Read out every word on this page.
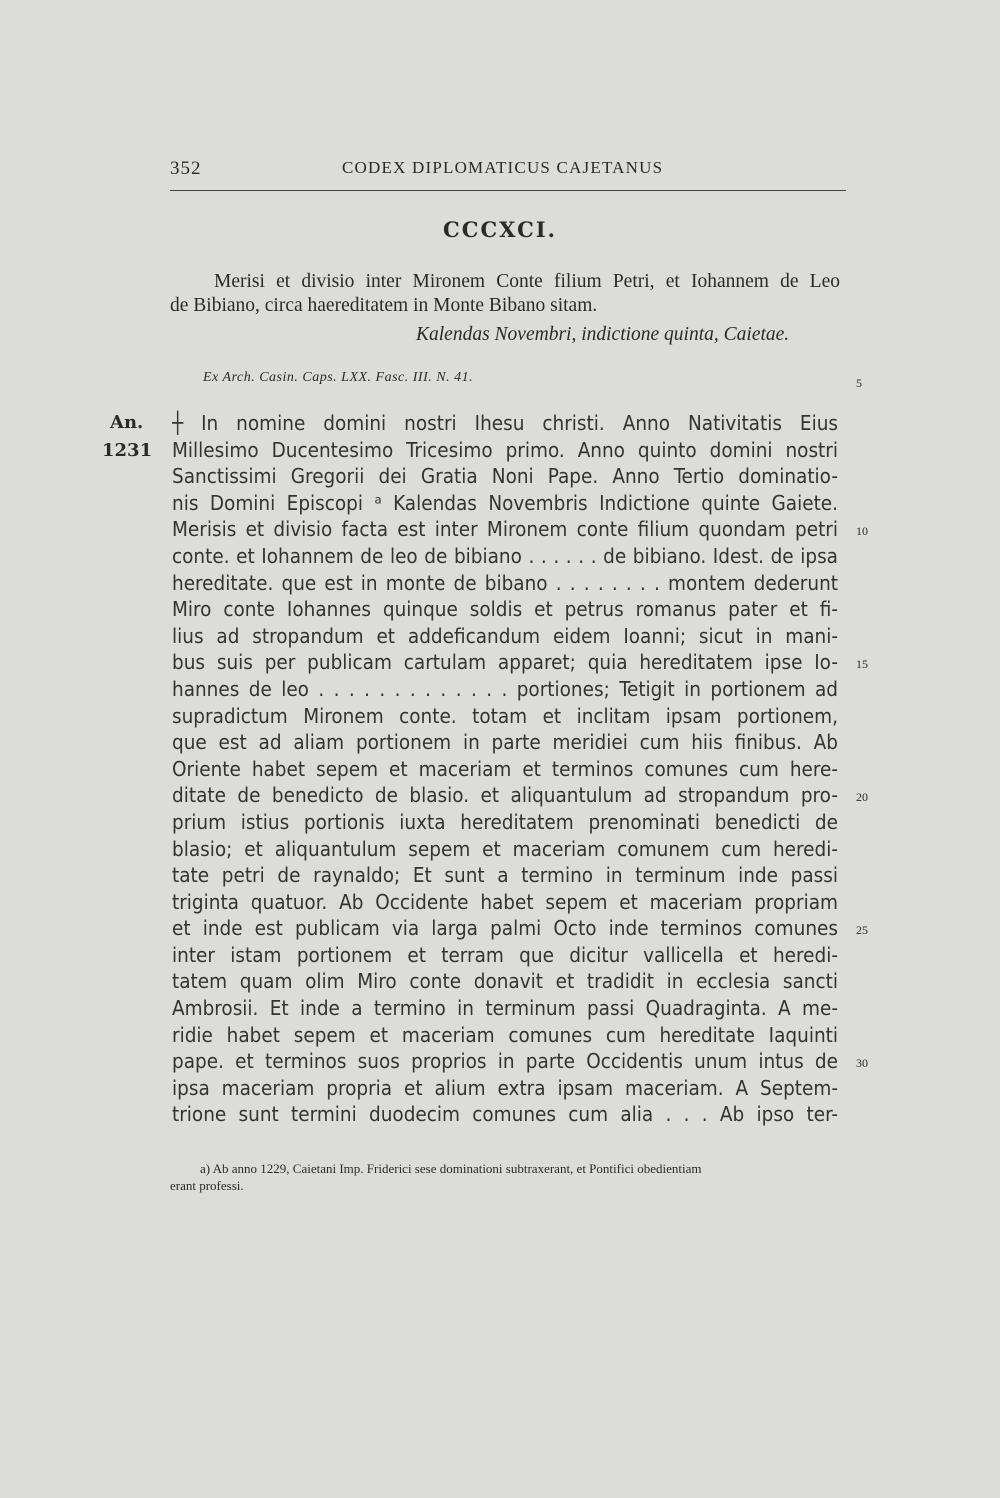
352	CODEX DIPLOMATICUS CAJETANUS
CCCXCI.
Merisi et divisio inter Mironem Conte filium Petri, et Iohannem de Leo
de Bibiano, circa haereditatem in Monte Bibano sitam.
Kalendas Novembri, indictione quinta, Caietae.
Ex Arch. Casin. Caps. LXX. Fasc. III. N. 41.
An.
1231
5
10
15
20
25
30
┼ In nomine domini nostri Ihesu christi. Anno Nativitatis Eius
Millesimo Ducentesimo Tricesimo primo. Anno quinto domini nostri
Sanctissimi Gregorii dei Gratia Noni Pape. Anno Tertio dominatio-
nis Domini Episcopi ᵃ Kalendas Novembris Indictione quinte Gaiete.
Merisis et divisio facta est inter Mironem conte filium quondam petri
conte. et Iohannem de leo de bibiano . . . . . . de bibiano. Idest. de ipsa
hereditate. que est in monte de bibano . . . . . . . . montem dederunt
Miro conte Iohannes quinque soldis et petrus romanus pater et fi-
lius ad stropandum et addeficandum eidem Ioanni; sicut in mani-
bus suis per publicam cartulam apparet; quia hereditatem ipse Io-
hannes de leo . . . . . . . . . . . . . portiones; Tetigit in portionem ad
supradictum Mironem conte. totam et inclitam ipsam portionem,
que est ad aliam portionem in parte meridiei cum hiis finibus. Ab
Oriente habet sepem et maceriam et terminos comunes cum here-
ditate de benedicto de blasio. et aliquantulum ad stropandum pro-
prium istius portionis iuxta hereditatem prenominati benedicti de
blasio; et aliquantulum sepem et maceriam comunem cum heredi-
tate petri de raynaldo; Et sunt a termino in terminum inde passi
triginta quatuor. Ab Occidente habet sepem et maceriam propriam
et inde est publicam via larga palmi Octo inde terminos comunes
inter istam portionem et terram que dicitur vallicella et heredi-
tatem quam olim Miro conte donavit et tradidit in ecclesia sancti
Ambrosii. Et inde a termino in terminum passi Quadraginta. A me-
ridie habet sepem et maceriam comunes cum hereditate Iaquinti
pape. et terminos suos proprios in parte Occidentis unum intus de
ipsa maceriam propria et alium extra ipsam maceriam. A Septem-
trione sunt termini duodecim comunes cum alia . . . Ab ipso ter-
a) Ab anno 1229, Caietani Imp. Friderici sese dominationi subtraxerant, et Pontifici obedientiam
erant professi.
